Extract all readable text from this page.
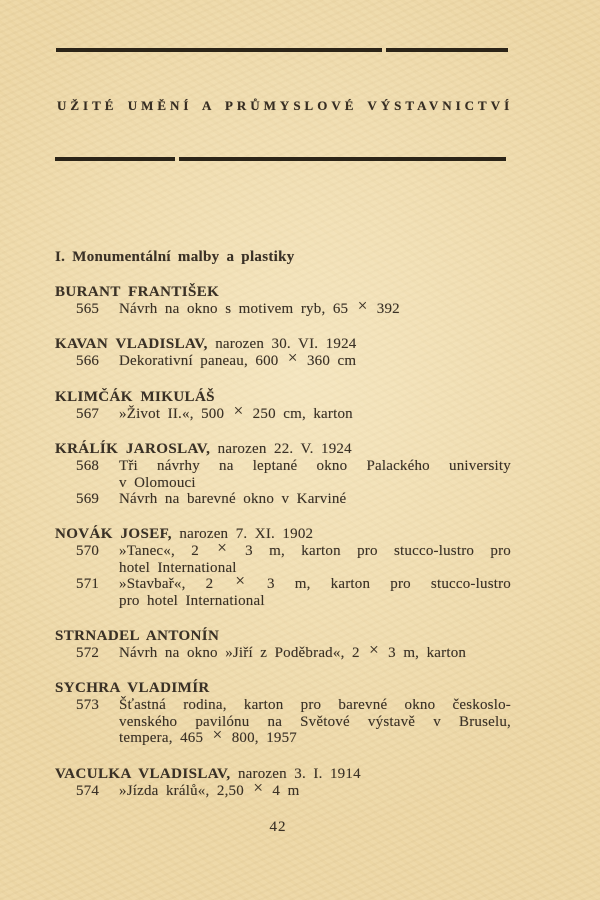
UŽITÉ UMĚNÍ A PRŮMYSLOVÉ VÝSTAVNICTVÍ
I. Monumentální malby a plastiky
BURANT FRANTIŠEK
565	Návrh na okno s motivem ryb, 65 × 392
KAVAN VLADISLAV, narozen 30. VI. 1924
566	Dekorativní paneau, 600 × 360 cm
KLIMČÁK MIKULÁŠ
567	»Život II.«, 500 × 250 cm, karton
KRÁLÍK JAROSLAV, narozen 22. V. 1924
568	Tři návrhy na leptané okno Palackého university
v Olomouci
569	Návrh na barevné okno v Karviné
NOVÁK JOSEF, narozen 7. XI. 1902
570	»Tanec«, 2 × 3 m, karton pro stucco-lustro pro
hotel International
571	»Stavbař«, 2 × 3 m, karton pro stucco-lustro
pro hotel International
STRNADEL ANTONÍN
572	Návrh na okno »Jiří z Poděbrad«, 2 × 3 m, karton
SYCHRA VLADIMÍR
573	Šťastná rodina, karton pro barevné okno českoslo-
venského pavilónu na Světové výstavě v Bruselu,
tempera, 465 × 800, 1957
VACULKA VLADISLAV, narozen 3. I. 1914
574	»Jízda králů«, 2,50 × 4 m
42
